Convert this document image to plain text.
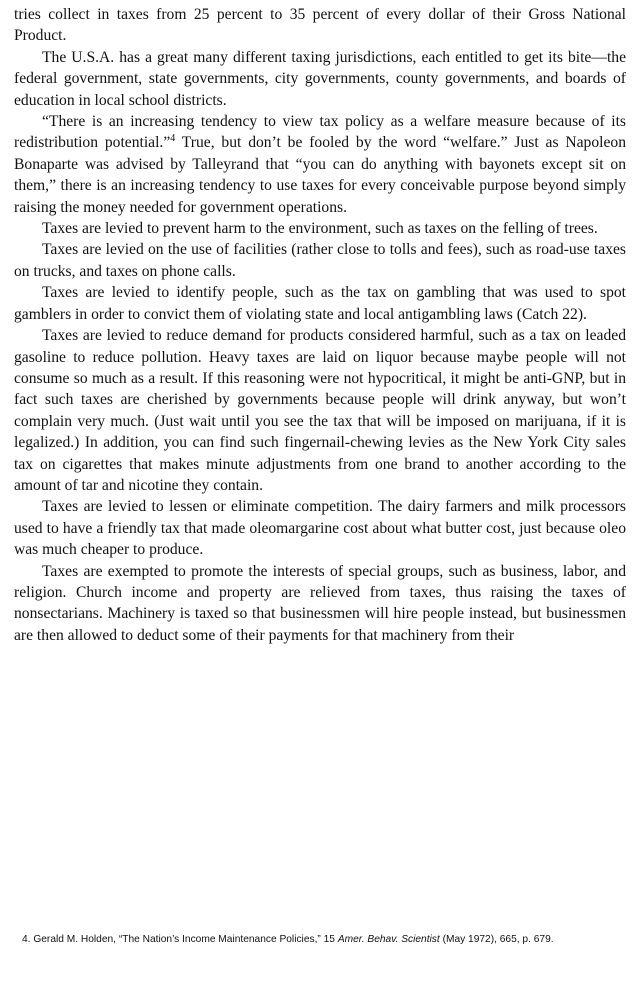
tries collect in taxes from 25 percent to 35 percent of every dollar of their Gross National Product.

The U.S.A. has a great many different taxing jurisdictions, each entitled to get its bite—the federal government, state governments, city governments, county governments, and boards of education in local school districts.

“There is an increasing tendency to view tax policy as a welfare measure because of its redistribution potential.”$^4$ True, but don’t be fooled by the word “welfare.” Just as Napoleon Bonaparte was advised by Talleyrand that “you can do anything with bayonets except sit on them,” there is an increasing tendency to use taxes for every conceivable purpose beyond simply raising the money needed for government operations.

Taxes are levied to prevent harm to the environment, such as taxes on the felling of trees.

Taxes are levied on the use of facilities (rather close to tolls and fees), such as road-use taxes on trucks, and taxes on phone calls.

Taxes are levied to identify people, such as the tax on gambling that was used to spot gamblers in order to convict them of violating state and local antigambling laws (Catch 22).

Taxes are levied to reduce demand for products considered harmful, such as a tax on leaded gasoline to reduce pollution. Heavy taxes are laid on liquor because maybe people will not consume so much as a result. If this reasoning were not hypocritical, it might be anti-GNP, but in fact such taxes are cherished by governments because people will drink anyway, but won’t complain very much. (Just wait until you see the tax that will be imposed on marijuana, if it is legalized.) In addition, you can find such fingernail-chewing levies as the New York City sales tax on cigarettes that makes minute adjustments from one brand to another according to the amount of tar and nicotine they contain.

Taxes are levied to lessen or eliminate competition. The dairy farmers and milk processors used to have a friendly tax that made oleomargarine cost about what butter cost, just because oleo was much cheaper to produce.

Taxes are exempted to promote the interests of special groups, such as business, labor, and religion. Church income and property are relieved from taxes, thus raising the taxes of nonsectarians. Machinery is taxed so that businessmen will hire people instead, but businessmen are then allowed to deduct some of their payments for that machinery from their

4. Gerald M. Holden, “The Nation’s Income Maintenance Policies,” 15 Amer. Behav. Scientist (May 1972), 665, p. 679.
